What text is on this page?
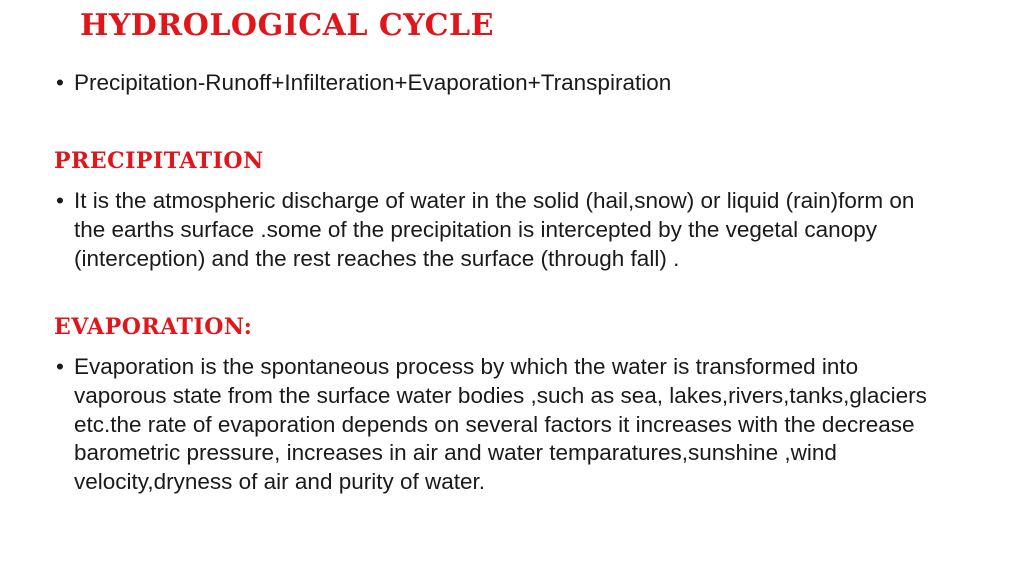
HYDROLOGICAL CYCLE
• Precipitation-Runoff+Infilteration+Evaporation+Transpiration
PRECIPITATION
• It is the atmospheric discharge of water in the solid (hail,snow) or liquid (rain)form on the earths surface .some of the precipitation is intercepted by the vegetal canopy (interception) and the rest reaches the surface (through fall) .
EVAPORATION:
• Evaporation is the spontaneous process by which the water is transformed into vaporous state from the surface water bodies ,such as sea, lakes,rivers,tanks,glaciers etc.the rate of evaporation depends on several factors it increases with the decrease barometric pressure, increases in air and water temparatures,sunshine ,wind velocity,dryness of air and purity of water.
